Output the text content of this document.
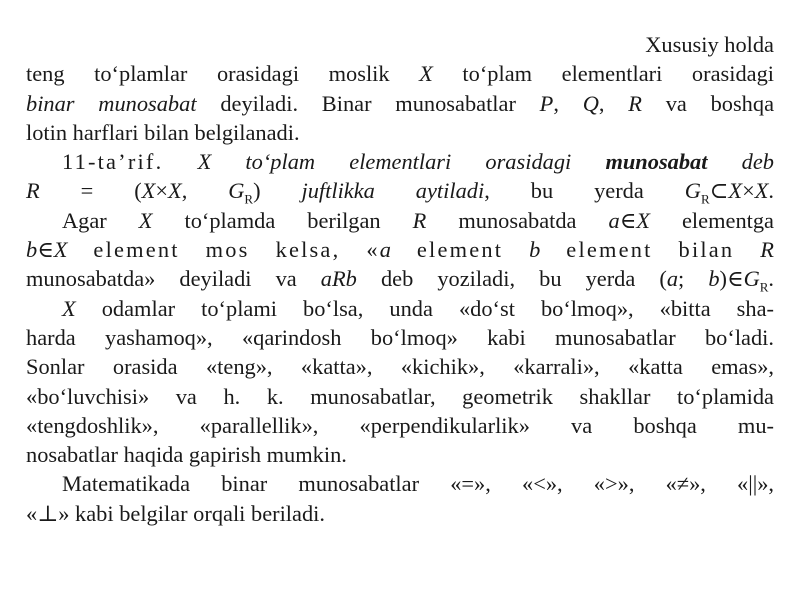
Xususiy holda
teng to‘plamlar orasidagi moslik X to‘plam elementlari orasidagi
binar munosabat deyiladi. Binar munosabatlar P, Q, R va boshqa
lotin harflari bilan belgilanadi.
11-ta’rif. X to‘plam elementlari orasidagi munosabat deb
R = (X×X, $G_R$) juftlikka aytiladi, bu yerda $G_R\subset X\times X$.
Agar X to‘plamda berilgan R munosabatda a∈X elementga
b∈X element mos kelsa, «a element b element bilan R
munosabatda» deyiladi va aRb deb yoziladi, bu yerda (a; $b)\in G_R$.
X odamlar to‘plami bo‘lsa, unda «do‘st bo‘lmoq», «bitta sha-
harda yashamoq», «qarindosh bo‘lmoq» kabi munosabatlar bo‘ladi.
Sonlar orasida «teng», «katta», «kichik», «karrali», «katta emas»,
«bo‘luvchisi» va h. k. munosabatlar, geometrik shakllar to‘plamida
«tengdoshlik», «parallellik», «perpendikularlik» va boshqa mu-
nosabatlar haqida gapirish mumkin.
Matematikada binar munosabatlar «=», «<», «>», «≠», «||»,
«⊥» kabi belgilar orqali beriladi.
